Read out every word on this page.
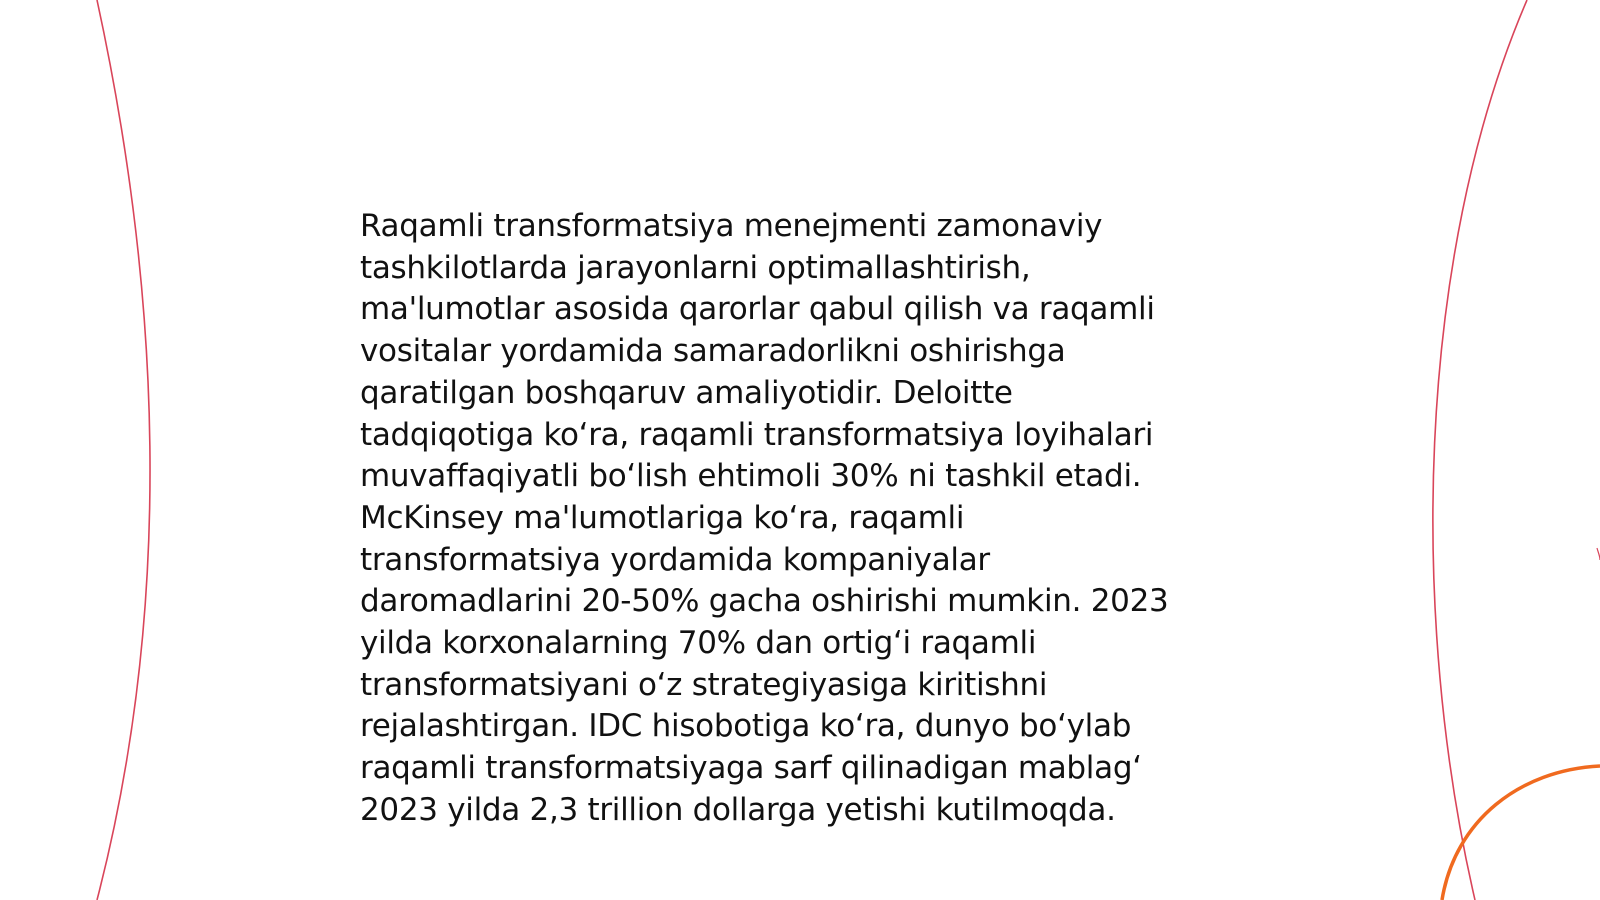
Raqamli transformatsiya menejmenti zamonaviy
tashkilotlarda jarayonlarni optimallashtirish,
ma'lumotlar asosida qarorlar qabul qilish va raqamli
vositalar yordamida samaradorlikni oshirishga
qaratilgan boshqaruv amaliyotidir. Deloitte
tadqiqotiga koʻra, raqamli transformatsiya loyihalari
muvaffaqiyatli boʻlish ehtimoli 30% ni tashkil etadi.
McKinsey ma'lumotlariga koʻra, raqamli
transformatsiya yordamida kompaniyalar
daromadlarini 20-50% gacha oshirishi mumkin. 2023
yilda korxonalarning 70% dan ortigʻi raqamli
transformatsiyani oʻz strategiyasiga kiritishni
rejalashtirgan. IDC hisobotiga koʻra, dunyo boʻylab
raqamli transformatsiyaga sarf qilinadigan mablagʻ
2023 yilda 2,3 trillion dollarga yetishi kutilmoqda.
